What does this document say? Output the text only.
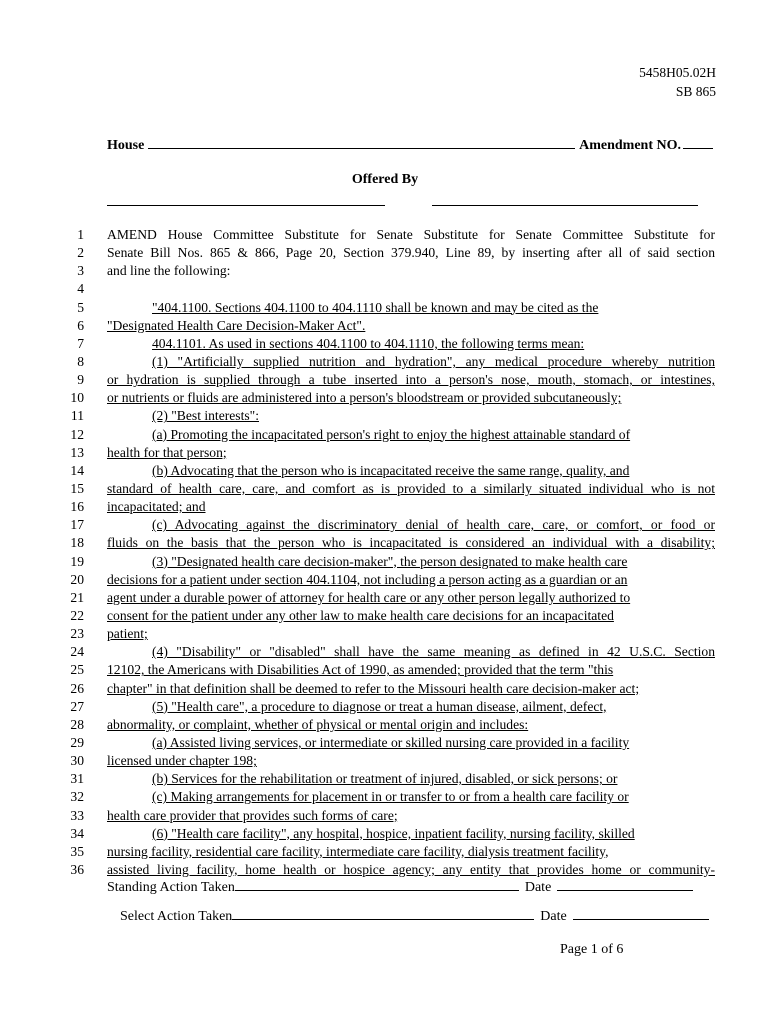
5458H05.02H
SB 865
House	Amendment NO.
Offered By
1 AMEND House Committee Substitute for Senate Substitute for Senate Committee Substitute for
2 Senate Bill Nos. 865 & 866, Page 20, Section 379.940, Line 89, by inserting after all of said section
3 and line the following:
4
5	"404.1100. Sections 404.1100 to 404.1110 shall be known and may be cited as the
6 "Designated Health Care Decision-Maker Act".
7	404.1101. As used in sections 404.1100 to 404.1110, the following terms mean:
8	(1) "Artificially supplied nutrition and hydration", any medical procedure whereby nutrition
9 or hydration is supplied through a tube inserted into a person's nose, mouth, stomach, or intestines,
10 or nutrients or fluids are administered into a person's bloodstream or provided subcutaneously;
11	(2) "Best interests":
12	(a) Promoting the incapacitated person's right to enjoy the highest attainable standard of
13 health for that person;
14	(b) Advocating that the person who is incapacitated receive the same range, quality, and
15 standard of health care, care, and comfort as is provided to a similarly situated individual who is not
16 incapacitated; and
17	(c) Advocating against the discriminatory denial of health care, care, or comfort, or food or
18 fluids on the basis that the person who is incapacitated is considered an individual with a disability;
19	(3) "Designated health care decision-maker", the person designated to make health care
20 decisions for a patient under section 404.1104, not including a person acting as a guardian or an
21 agent under a durable power of attorney for health care or any other person legally authorized to
22 consent for the patient under any other law to make health care decisions for an incapacitated
23 patient;
24	(4) "Disability" or "disabled" shall have the same meaning as defined in 42 U.S.C. Section
25 12102, the Americans with Disabilities Act of 1990, as amended; provided that the term "this
26 chapter" in that definition shall be deemed to refer to the Missouri health care decision-maker act;
27	(5) "Health care", a procedure to diagnose or treat a human disease, ailment, defect,
28 abnormality, or complaint, whether of physical or mental origin and includes:
29	(a) Assisted living services, or intermediate or skilled nursing care provided in a facility
30 licensed under chapter 198;
31	(b) Services for the rehabilitation or treatment of injured, disabled, or sick persons; or
32	(c) Making arrangements for placement in or transfer to or from a health care facility or
33 health care provider that provides such forms of care;
34	(6) "Health care facility", any hospital, hospice, inpatient facility, nursing facility, skilled
35 nursing facility, residential care facility, intermediate care facility, dialysis treatment facility,
36 assisted living facility, home health or hospice agency; any entity that provides home or community-
Standing Action Taken	Date
Select Action Taken	Date
Page 1 of 6
